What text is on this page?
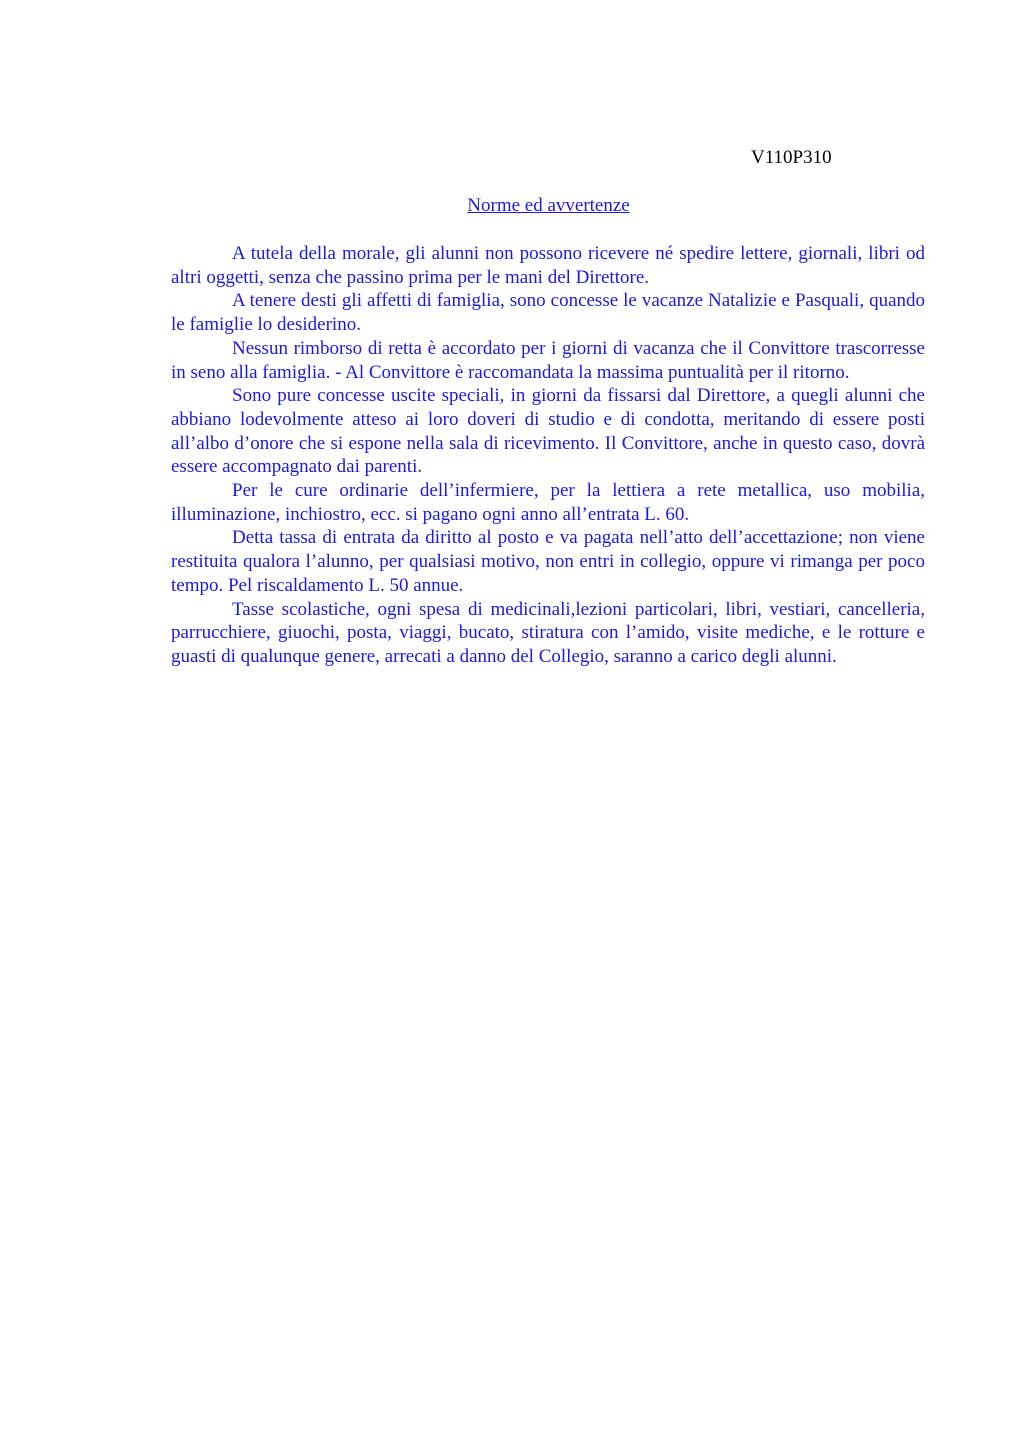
V110P310
Norme ed avvertenze

A tutela della morale, gli alunni non possono ricevere né spedire lettere, giornali, libri od altri oggetti, senza che passino prima per le mani del Direttore.

A tenere desti gli affetti di famiglia, sono concesse le vacanze Natalizie e Pasquali, quando le famiglie lo desiderino.

Nessun rimborso di retta è accordato per i giorni di vacanza che il Convittore trascorresse in seno alla famiglia. - Al Convittore è raccomandata la massima puntualità per il ritorno.

Sono pure concesse uscite speciali, in giorni da fissarsi dal Direttore, a quegli alunni che abbiano lodevolmente atteso ai loro doveri di studio e di condotta, meritando di essere posti all’albo d’onore che si espone nella sala di ricevimento. Il Convittore, anche in questo caso, dovrà essere accompagnato dai parenti.

Per le cure ordinarie dell’infermiere, per la lettiera a rete metallica, uso mobilia, illuminazione, inchiostro, ecc. si pagano ogni anno all’entrata L. 60.

Detta tassa di entrata da diritto al posto e va pagata nell’atto dell’accettazione; non viene restituita qualora l’alunno, per qualsiasi motivo, non entri in collegio, oppure vi rimanga per poco tempo. Pel riscaldamento L. 50 annue.

Tasse scolastiche, ogni spesa di medicinali,lezioni particolari, libri, vestiari, cancelleria, parrucchiere, giuochi, posta, viaggi, bucato, stiratura con l’amido, visite mediche, e le rotture e guasti di qualunque genere, arrecati a danno del Collegio, saranno a carico degli alunni.
